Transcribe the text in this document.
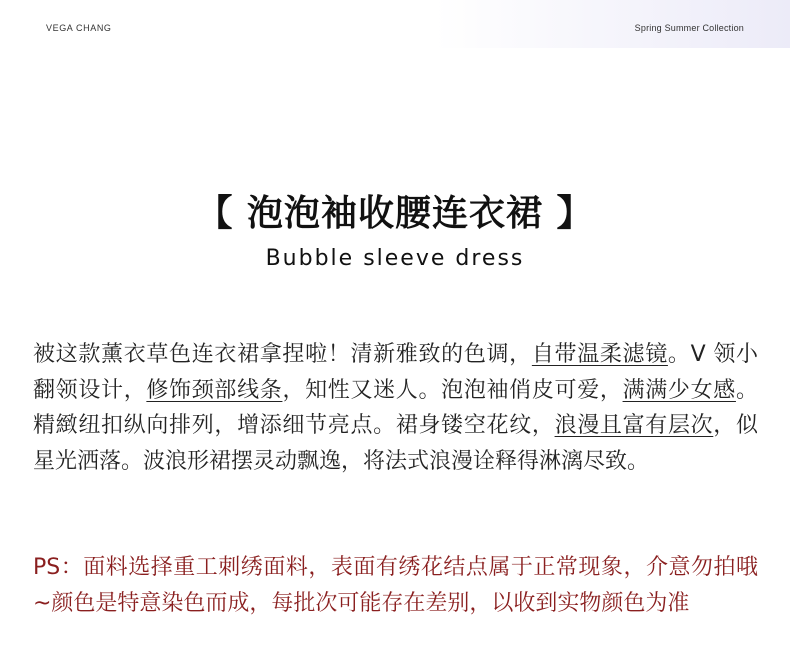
VEGA CHANG	Spring Summer Collection
【 泡泡袖收腰连衣裙 】
Bubble sleeve dress
被这款薰衣草色连衣裙拿捏啦！清新雅致的色调，自带温柔滤镜。V 领小翻领设计，修饰颈部线条，知性又迷人。泡泡袖俏皮可爱，满满少女感。精緻纽扣纵向排列，增添细节亮点。裙身镂空花纹，浪漫且富有层次，似星光洒落。波浪形裙摆灵动飘逸，将法式浪漫诠释得淋漓尽致。
PS：面料选择重工刺绣面料，表面有绣花结点属于正常现象，介意勿拍哦~颜色是特意染色而成，每批次可能存在差别，以收到实物颜色为准
